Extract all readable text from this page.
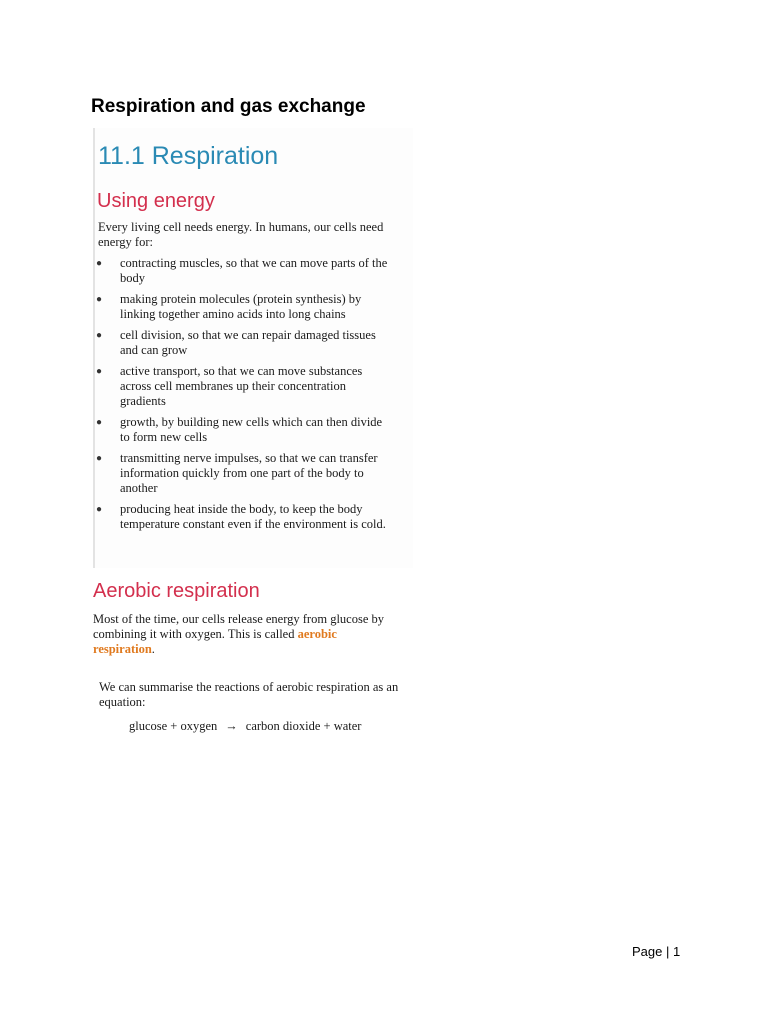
Respiration and gas exchange
11.1 Respiration
Using energy

Every living cell needs energy. In humans, our cells need energy for:

● contracting muscles, so that we can move parts of the body
● making protein molecules (protein synthesis) by linking together amino acids into long chains
● cell division, so that we can repair damaged tissues and can grow
● active transport, so that we can move substances across cell membranes up their concentration gradients
● growth, by building new cells which can then divide to form new cells
● transmitting nerve impulses, so that we can transfer information quickly from one part of the body to another
● producing heat inside the body, to keep the body temperature constant even if the environment is cold.
Aerobic respiration

Most of the time, our cells release energy from glucose by combining it with oxygen. This is called aerobic respiration.

We can summarise the reactions of aerobic respiration as an equation:

glucose + oxygen → carbon dioxide + water

Page | 1
